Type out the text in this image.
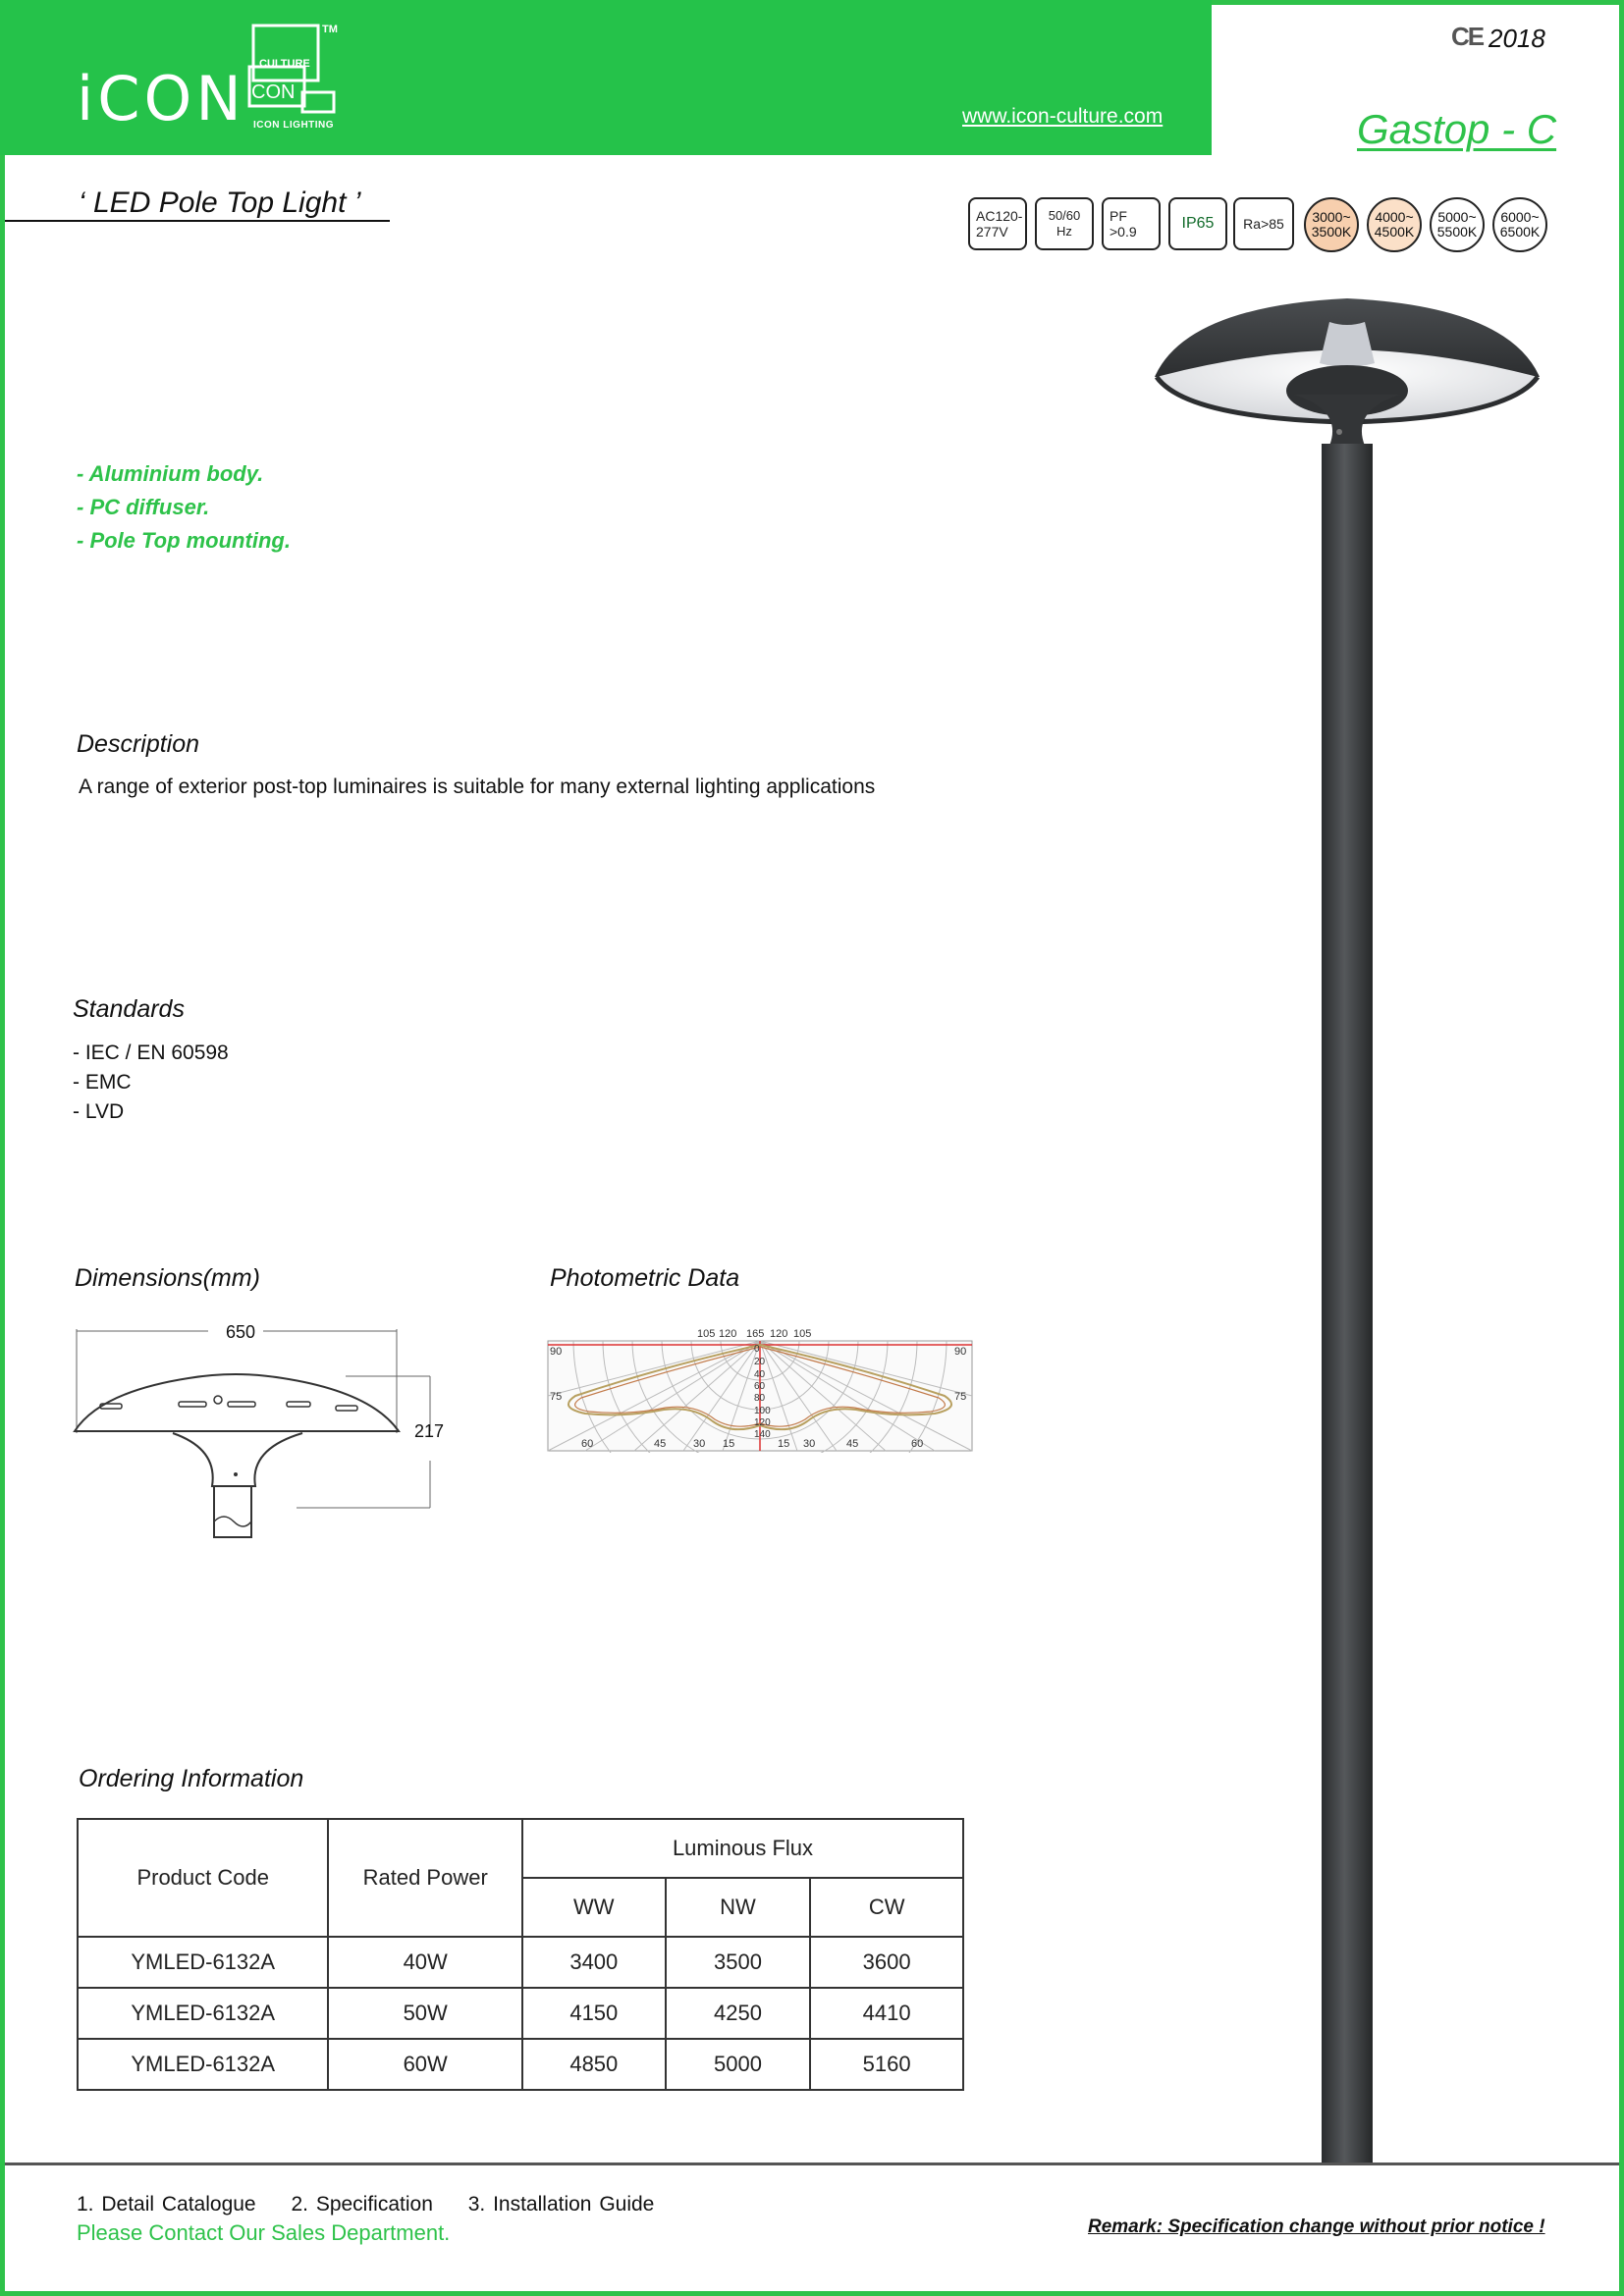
iCON CULTURE
CON
TM
ICON LIGHTING	www.icon-culture.com
CE 2018
Gastop - C
‘ LED Pole Top Light ’	AC120-
277V
50/60
Hz
PF
>0.9	IP65	Ra>85	3000~
3500K
4000~
4500K
5000~
5500K
6000~
6500K
- Aluminium body.
- PC diffuser.
- Pole Top mounting.
Description
A range of exterior post-top luminaires is suitable for many external lighting applications
Standards
- IEC / EN 60598
- EMC
- LVD
Dimensions(mm)
650
217
Photometric Data
105 120 165 120 105
90
75
90
75
60	45	30 15	15 30	45	60
0
20
40
60
80
100
120
140
Ordering Information
Product Code	Rated Power	Luminous Flux		
		WW	NW	CW
YMLED-6132A	40W	3400	3500	3600
YMLED-6132A	50W	4150	4250	4410
YMLED-6132A	60W	4850	5000	5160
1. Detail Catalogue 2. Specification 3. Installation Guide
Please Contact Our Sales Department.	Remark: Specification change without prior notice !
